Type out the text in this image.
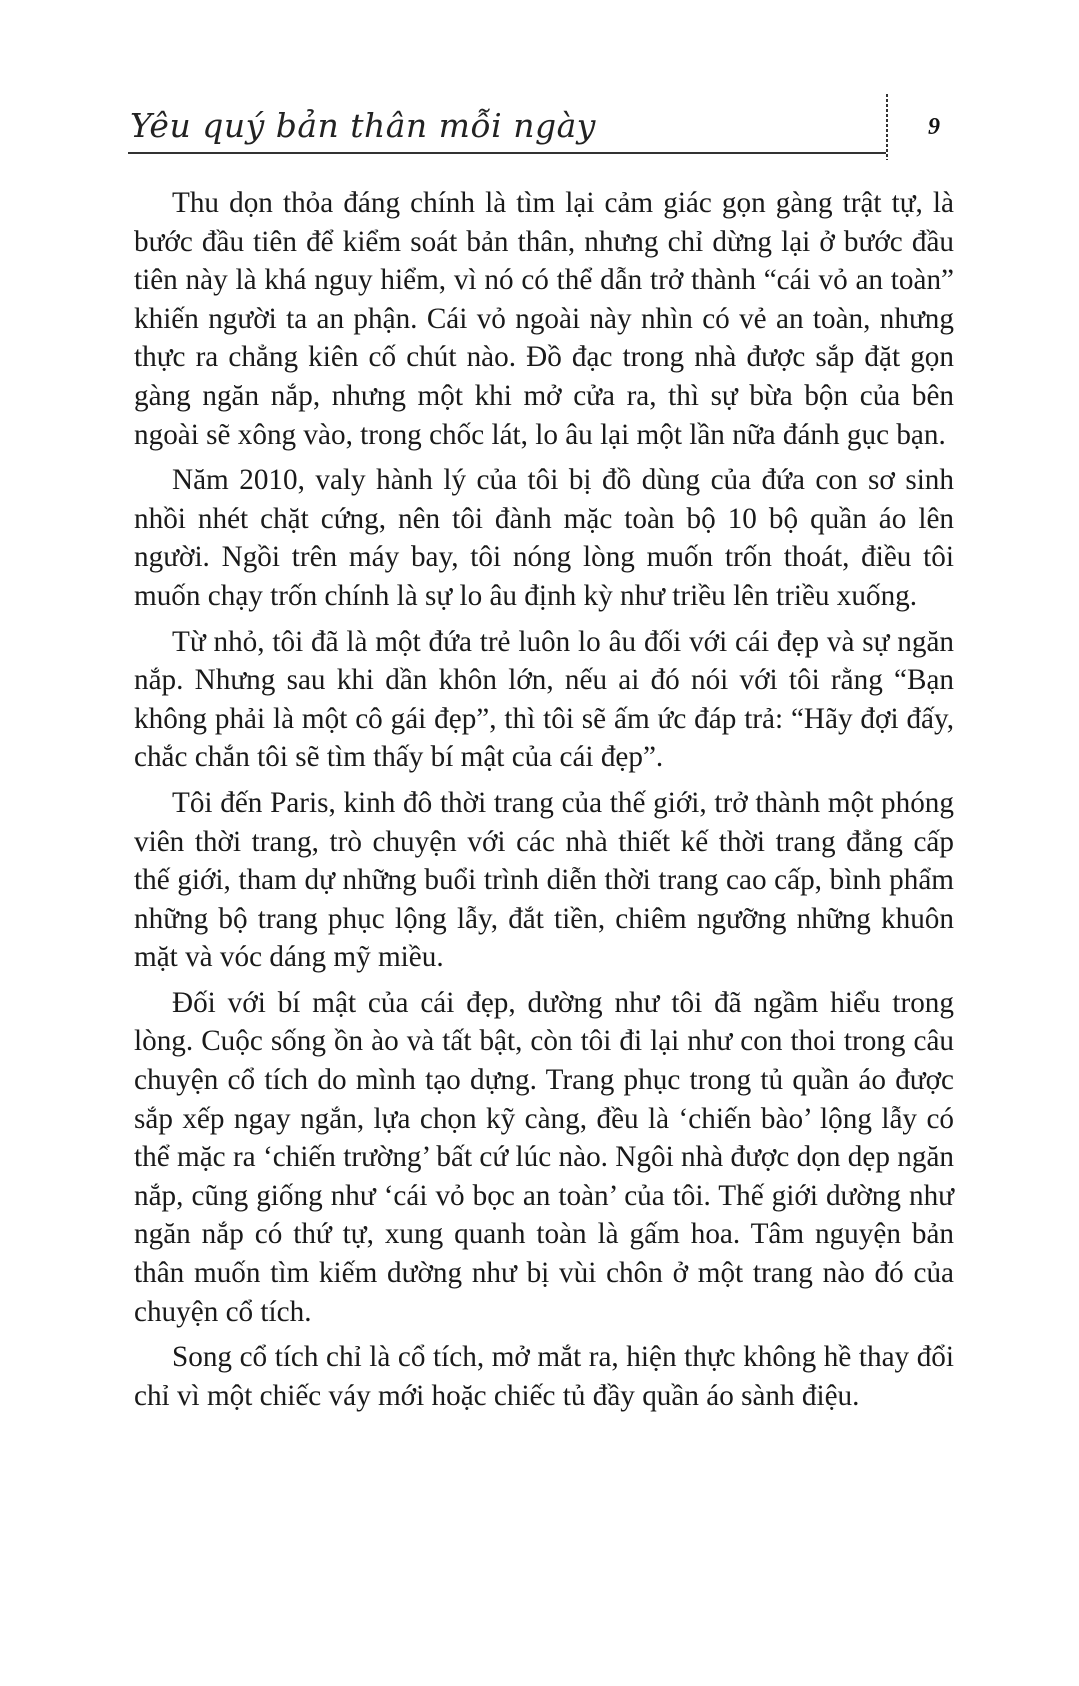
Yêu quý bản thân mỗi ngày	9

Thu dọn thỏa đáng chính là tìm lại cảm giác gọn gàng trật tự, là bước đầu tiên để kiểm soát bản thân, nhưng chỉ dừng lại ở bước đầu tiên này là khá nguy hiểm, vì nó có thể dẫn trở thành “cái vỏ an toàn” khiến người ta an phận. Cái vỏ ngoài này nhìn có vẻ an toàn, nhưng thực ra chẳng kiên cố chút nào. Đồ đạc trong nhà được sắp đặt gọn gàng ngăn nắp, nhưng một khi mở cửa ra, thì sự bừa bộn của bên ngoài sẽ xông vào, trong chốc lát, lo âu lại một lần nữa đánh gục bạn.

Năm 2010, valy hành lý của tôi bị đồ dùng của đứa con sơ sinh nhồi nhét chặt cứng, nên tôi đành mặc toàn bộ 10 bộ quần áo lên người. Ngồi trên máy bay, tôi nóng lòng muốn trốn thoát, điều tôi muốn chạy trốn chính là sự lo âu định kỳ như triều lên triều xuống.

Từ nhỏ, tôi đã là một đứa trẻ luôn lo âu đối với cái đẹp và sự ngăn nắp. Nhưng sau khi dần khôn lớn, nếu ai đó nói với tôi rằng “Bạn không phải là một cô gái đẹp”, thì tôi sẽ ấm ức đáp trả: “Hãy đợi đấy, chắc chắn tôi sẽ tìm thấy bí mật của cái đẹp”.

Tôi đến Paris, kinh đô thời trang của thế giới, trở thành một phóng viên thời trang, trò chuyện với các nhà thiết kế thời trang đẳng cấp thế giới, tham dự những buổi trình diễn thời trang cao cấp, bình phẩm những bộ trang phục lộng lẫy, đắt tiền, chiêm ngưỡng những khuôn mặt và vóc dáng mỹ miều.

Đối với bí mật của cái đẹp, dường như tôi đã ngầm hiểu trong lòng. Cuộc sống ồn ào và tất bật, còn tôi đi lại như con thoi trong câu chuyện cổ tích do mình tạo dựng. Trang phục trong tủ quần áo được sắp xếp ngay ngắn, lựa chọn kỹ càng, đều là ‘chiến bào’ lộng lẫy có thể mặc ra ‘chiến trường’ bất cứ lúc nào. Ngôi nhà được dọn dẹp ngăn nắp, cũng giống như ‘cái vỏ bọc an toàn’ của tôi. Thế giới dường như ngăn nắp có thứ tự, xung quanh toàn là gấm hoa. Tâm nguyện bản thân muốn tìm kiếm dường như bị vùi chôn ở một trang nào đó của chuyện cổ tích.

Song cổ tích chỉ là cổ tích, mở mắt ra, hiện thực không hề thay đổi chỉ vì một chiếc váy mới hoặc chiếc tủ đầy quần áo sành điệu.
